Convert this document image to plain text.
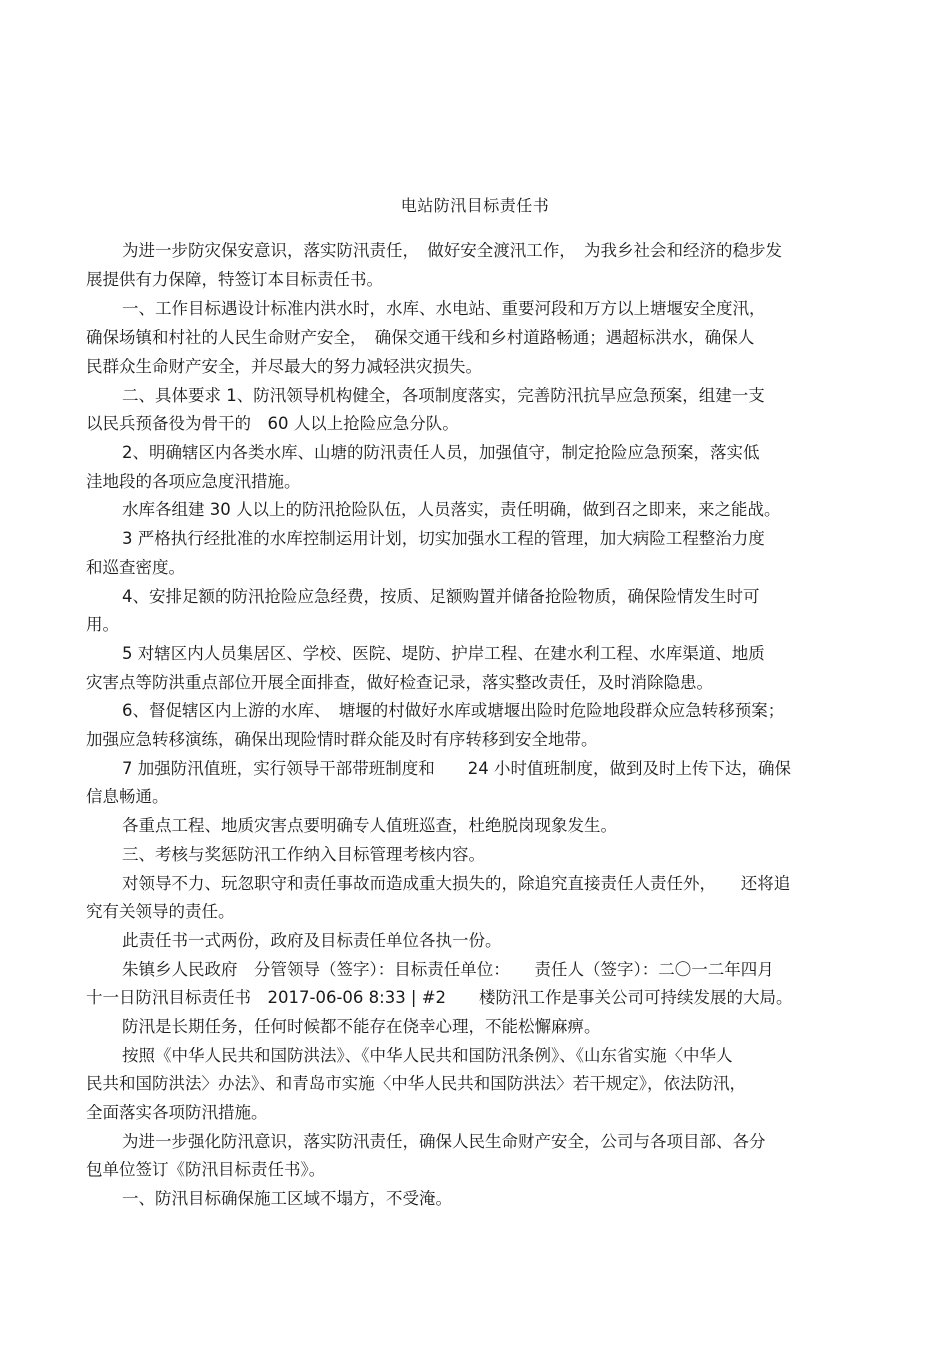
电站防汛目标责任书
为进一步防灾保安意识，落实防汛责任，　做好安全渡汛工作，　为我乡社会和经济的稳步发
展提供有力保障，特签订本目标责任书。
一、工作目标遇设计标准内洪水时，水库、水电站、重要河段和万方以上塘堰安全度汛，
确保场镇和村社的人民生命财产安全，　确保交通干线和乡村道路畅通；遇超标洪水，确保人
民群众生命财产安全，并尽最大的努力减轻洪灾损失。
二、具体要求 1、防汛领导机构健全，各项制度落实，完善防汛抗旱应急预案，组建一支
以民兵预备役为骨干的　60 人以上抢险应急分队。
2、明确辖区内各类水库、山塘的防汛责任人员，加强值守，制定抢险应急预案，落实低
洼地段的各项应急度汛措施。
水库各组建 30 人以上的防汛抢险队伍，人员落实，责任明确，做到召之即来，来之能战。
3 严格执行经批准的水库控制运用计划，切实加强水工程的管理，加大病险工程整治力度
和巡查密度。
4、安排足额的防汛抢险应急经费，按质、足额购置并储备抢险物质，确保险情发生时可
用。
5 对辖区内人员集居区、学校、医院、堤防、护岸工程、在建水利工程、水库渠道、地质
灾害点等防洪重点部位开展全面排查，做好检查记录，落实整改责任，及时消除隐患。
6、督促辖区内上游的水库、　塘堰的村做好水库或塘堰出险时危险地段群众应急转移预案；
加强应急转移演练，确保出现险情时群众能及时有序转移到安全地带。
7 加强防汛值班，实行领导干部带班制度和　　24 小时值班制度，做到及时上传下达，确保
信息畅通。
各重点工程、地质灾害点要明确专人值班巡查，杜绝脱岗现象发生。
三、考核与奖惩防汛工作纳入目标管理考核内容。
对领导不力、玩忽职守和责任事故而造成重大损失的，除追究直接责任人责任外，　　还将追
究有关领导的责任。
此责任书一式两份，政府及目标责任单位各执一份。
朱镇乡人民政府　分管领导（签字）：目标责任单位：　　责任人（签字）：二〇一二年四月
十一日防汛目标责任书　2017-06-06 8:33 | #2　　楼防汛工作是事关公司可持续发展的大局。
防汛是长期任务，任何时候都不能存在侥幸心理，不能松懈麻痹。
按照《中华人民共和国防洪法》、《中华人民共和国防汛条例》、《山东省实施〈中华人
民共和国防洪法〉办法》、和青岛市实施〈中华人民共和国防洪法〉若干规定》，依法防汛，
全面落实各项防汛措施。
为进一步强化防汛意识，落实防汛责任，确保人民生命财产安全，公司与各项目部、各分
包单位签订《防汛目标责任书》。
一、防汛目标确保施工区域不塌方，不受淹。
